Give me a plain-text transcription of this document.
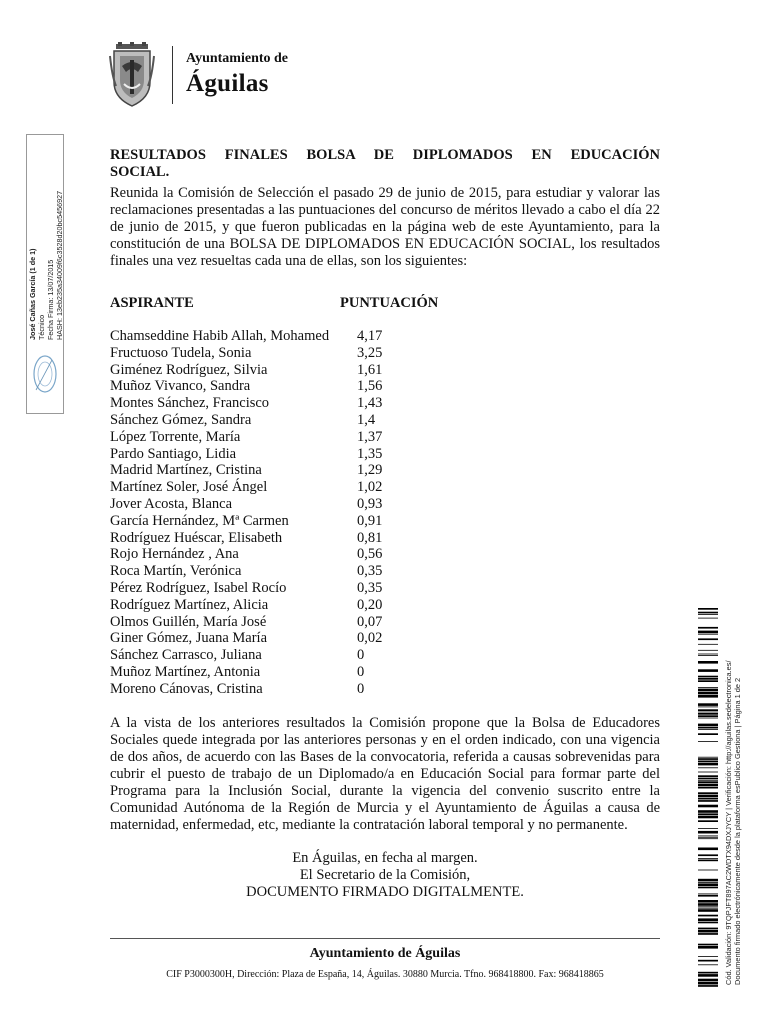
Ayuntamiento de
Águilas
José Cañas García (1 de 1) Técnico Fecha Firma: 13/07/2015 HASH: 13eb235a34009f6c3528d20bc5456927
RESULTADOS FINALES BOLSA DE DIPLOMADOS EN EDUCACIÓN
SOCIAL.
Reunida la Comisión de Selección el pasado 29 de junio de 2015, para estudiar y valorar las reclamaciones presentadas a las puntuaciones del concurso de méritos llevado a cabo el día 22 de junio de 2015, y que fueron publicadas en la página web de este Ayuntamiento, para la constitución de una BOLSA DE DIPLOMADOS EN EDUCACIÓN SOCIAL, los resultados finales una vez resueltas cada una de ellas, son los siguientes:
ASPIRANTE	PUNTUACIÓN
Chamseddine Habib Allah, Mohamed 4,17
Fructuoso Tudela, Sonia	3,25
Giménez Rodríguez, Silvia	1,61
Muñoz Vivanco, Sandra	1,56
Montes Sánchez, Francisco	1,43
Sánchez Gómez, Sandra	1,4
López Torrente, María	1,37
Pardo Santiago, Lidia	1,35
Madrid Martínez, Cristina	1,29
Martínez Soler, José Ángel	1,02
Jover Acosta, Blanca	0,93
García Hernández, Mª Carmen	0,91
Rodríguez Huéscar, Elisabeth	0,81
Rojo Hernández , Ana	0,56
Roca Martín, Verónica	0,35
Pérez Rodríguez, Isabel Rocío	0,35
Rodríguez Martínez, Alicia	0,20
Olmos Guillén, María José	0,07
Giner Gómez, Juana María	0,02
Sánchez Carrasco, Juliana	0
Muñoz Martínez, Antonia	0
Moreno Cánovas, Cristina	0
A la vista de los anteriores resultados la Comisión propone que la Bolsa de Educadores Sociales quede integrada por las anteriores personas y en el orden indicado, con una vigencia de dos años, de acuerdo con las Bases de la convocatoria, referida a causas sobrevenidas para cubrir el puesto de trabajo de un Diplomado/a en Educación Social para formar parte del Programa para la Inclusión Social, durante la vigencia del convenio suscrito entre la Comunidad Autónoma de la Región de Murcia y el Ayuntamiento de Águilas a causa de maternidad, enfermedad, etc, mediante la contratación laboral temporal y no permanente.
En Águilas, en fecha al margen.
El Secretario de la Comisión,
DOCUMENTO FIRMADO DIGITALMENTE.
Ayuntamiento de Águilas
CIF P3000300H, Dirección: Plaza de España, 14, Águilas. 30880 Murcia. Tfno. 968418800. Fax: 968418865	Cód. Validación: 9TQPJFT897AC2WDTX94DXJYCY | Verificación: http://aguilas.sedelectronica.es/ Documento firmado electrónicamente desde la plataforma esPublico Gestiona | Página 1 de 2
